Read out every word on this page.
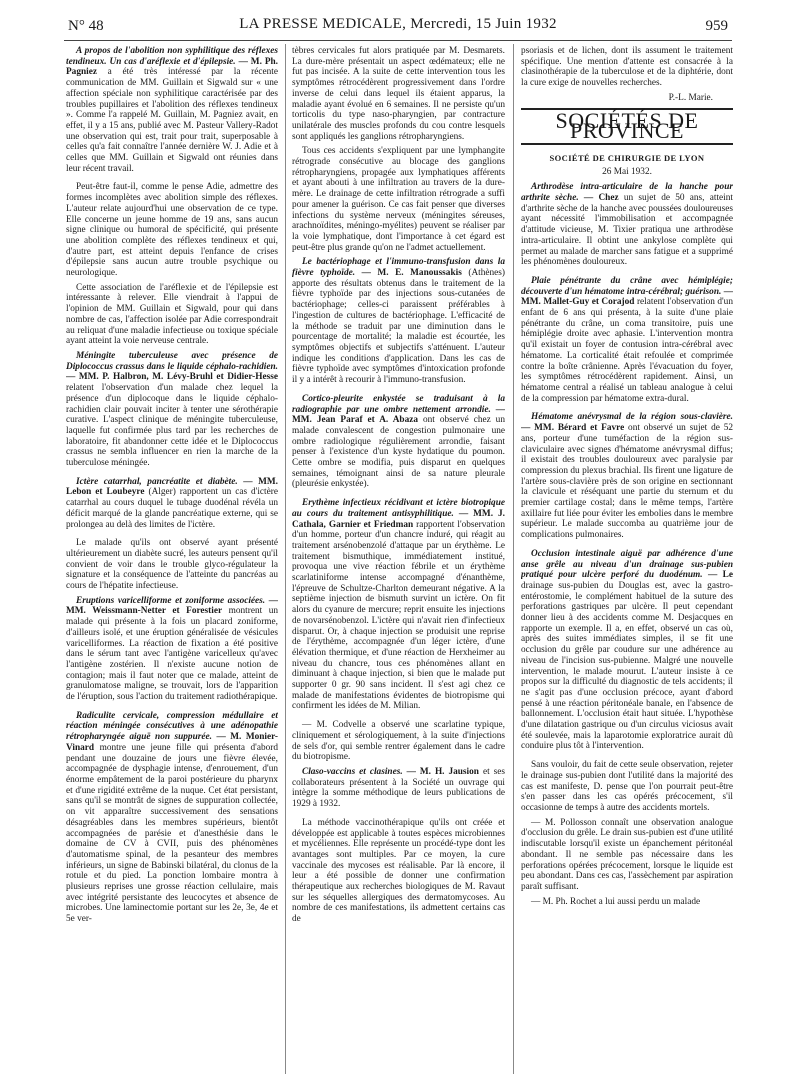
N° 48	LA PRESSE MEDICALE, Mercredi, 15 Juin 1932	959

A propos de l'abolition non syphilitique des réflexes tendineux. Un cas d'aréflexie et d'épilepsie. — M. Ph. Pagniez a été très intéressé par la récente communication de MM. Guillain et Sigwald sur « une affection spéciale non syphilitique caractérisée par des troubles pupillaires et l'abolition des réflexes tendineux ». Comme l'a rappelé M. Guillain, M. Pagniez avait, en effet, il y a 15 ans, publié avec M. Pasteur Vallery-Radot une observation qui est, trait pour trait, superposable à celles qu'a fait connaître l'année dernière W. J. Adie et à celles que MM. Guillain et Sigwald ont réunies dans leur récent travail.

Peut-être faut-il, comme le pense Adie, admettre des formes incomplètes avec abolition simple des réflexes. L'auteur relate aujourd'hui une observation de ce type. Elle concerne un jeune homme de 19 ans, sans aucun signe clinique ou humoral de spécificité, qui présente une abolition complète des réflexes tendineux et qui, d'autre part, est atteint depuis l'enfance de crises d'épilepsie sans aucun autre trouble psychique ou neurologique.

Cette association de l'aréflexie et de l'épilepsie est intéressante à relever. Elle viendrait à l'appui de l'opinion de MM. Guillain et Sigwald, pour qui dans nombre de cas, l'affection isolée par Adie correspondrait au reliquat d'une maladie infectieuse ou toxique spéciale ayant atteint la voie nerveuse centrale.

Méningite tuberculeuse avec présence de Diplococcus crassus dans le liquide céphalo-rachidien. — MM. P. Halbron, M. Lévy-Bruhl et Didier-Hesse relatent l'observation d'un malade chez lequel la présence d'un diplocoque dans le liquide céphalo-rachidien clair pouvait inciter à tenter une sérothérapie curative. L'aspect clinique de méningite tuberculeuse, laquelle fut confirmée plus tard par les recherches de laboratoire, fit abandonner cette idée et le Diplococcus crassus ne sembla influencer en rien la marche de la tuberculose méningée.

Ictère catarrhal, pancréatite et diabète. — MM. Lebon et Loubeyre (Alger) rapportent un cas d'ictère catarrhal au cours duquel le tubage duodénal révéla un déficit marqué de la glande pancréatique externe, qui se prolongea au delà des limites de l'ictère.

Le malade qu'ils ont observé ayant présenté ultérieurement un diabète sucré, les auteurs pensent qu'il convient de voir dans le trouble glyco-régulateur la signature et la conséquence de l'atteinte du pancréas au cours de l'hépatite infectieuse.

Eruptions varicelliforme et zoniforme associées. — MM. Weissmann-Netter et Forestier montrent un malade qui présente à la fois un placard zoniforme, d'ailleurs isolé, et une éruption généralisée de vésicules varicelliformes. La réaction de fixation a été positive dans le sérum tant avec l'antigène varicelleux qu'avec l'antigène zostérien. Il n'existe aucune notion de contagion; mais il faut noter que ce malade, atteint de granulomatose maligne, se trouvait, lors de l'apparition de l'éruption, sous l'action du traitement radiothérapique.

Radiculite cervicale, compression médullaire et réaction méningée consécutives à une adénopathie rétropharyngée aiguë non suppurée. — M. Monier-Vinard montre une jeune fille qui présenta d'abord pendant une douzaine de jours une fièvre élevée, accompagnée de dysphagie intense, d'enrouement, d'un énorme empâtement de la paroi postérieure du pharynx et d'une rigidité extrême de la nuque. Cet état persistant, sans qu'il se montrât de signes de suppuration collectée, on vit apparaître successivement des sensations désagréables dans les membres supérieurs, bientôt accompagnées de parésie et d'anesthésie dans le domaine de CV à CVII, puis des phénomènes d'automatisme spinal, de la pesanteur des membres inférieurs, un signe de Babinski bilatéral, du clonus de la rotule et du pied. La ponction lombaire montra à plusieurs reprises une grosse réaction cellulaire, mais avec intégrité persistante des leucocytes et absence de microbes. Une laminectomie portant sur les 2e, 3e, 4e et 5e ver-

tèbres cervicales fut alors pratiquée par M. Desmarets. La dure-mère présentait un aspect œdémateux; elle ne fut pas incisée. A la suite de cette intervention tous les symptômes rétrocédèrent progressivement dans l'ordre inverse de celui dans lequel ils étaient apparus, la maladie ayant évolué en 6 semaines. Il ne persiste qu'un torticolis du type naso-pharyngien, par contracture unilatérale des muscles profonds du cou contre lesquels sont appliqués les ganglions rétropharyngiens.

Tous ces accidents s'expliquent par une lymphangite rétrograde consécutive au blocage des ganglions rétropharyngiens, propagée aux lymphatiques afférents et ayant abouti à une infiltration au travers de la dure-mère. Le drainage de cette infiltration rétrograde a suffi pour amener la guérison. Ce cas fait penser que diverses infections du système nerveux (méningites séreuses, arachnoïdites, méningo-myélites) peuvent se réaliser par la voie lymphatique, dont l'importance à cet égard est peut-être plus grande qu'on ne l'admet actuellement.

Le bactériophage et l'immuno-transfusion dans la fièvre typhoïde. — M. E. Manoussakis (Athènes) apporte des résultats obtenus dans le traitement de la fièvre typhoïde par des injections sous-cutanées de bactériophage; celles-ci paraissent préférables à l'ingestion de cultures de bactériophage. L'efficacité de la méthode se traduit par une diminution dans le pourcentage de mortalité; la maladie est écourtée, les symptômes objectifs et subjectifs s'atténuent. L'auteur indique les conditions d'application. Dans les cas de fièvre typhoïde avec symptômes d'intoxication profonde il y a intérêt à recourir à l'immuno-transfusion.

Cortico-pleurite enkystée se traduisant à la radiographie par une ombre nettement arrondie. — MM. Jean Paraf et A. Abaza ont observé chez un malade convalescent de congestion pulmonaire une ombre radiologique régulièrement arrondie, faisant penser à l'existence d'un kyste hydatique du poumon. Cette ombre se modifia, puis disparut en quelques semaines, témoignant ainsi de sa nature pleurale (pleurésie enkystée).

Erythème infectieux récidivant et ictère biotropique au cours du traitement antisyphilitique. — MM. J. Cathala, Garnier et Friedman rapportent l'observation d'un homme, porteur d'un chancre induré, qui réagit au traitement arsénobenzolé d'attaque par un érythème. Le traitement bismuthique, immédiatement institué, provoqua une vive réaction fébrile et un érythème scarlatiniforme intense accompagné d'énanthème, l'épreuve de Schultze-Charlton demeurant négative. A la septième injection de bismuth survint un ictère. On fit alors du cyanure de mercure; reprit ensuite les injections de novarsénobenzol. L'ictère qui n'avait rien d'infectieux disparut. Or, à chaque injection se produisit une reprise de l'érythème, accompagnée d'un léger ictère, d'une élévation thermique, et d'une réaction de Herxheimer au niveau du chancre, tous ces phénomènes allant en diminuant à chaque injection, si bien que le malade put supporter 0 gr. 90 sans incident. Il s'est agi chez ce malade de manifestations évidentes de biotropisme qui confirment les idées de M. Milian.

— M. Codvelle a observé une scarlatine typique, cliniquement et sérologiquement, à la suite d'injections de sels d'or, qui semble rentrer également dans le cadre du biotropisme.

Claso-vaccins et clasines. — M. H. Jausion et ses collaborateurs présentent à la Société un ouvrage qui intègre la somme méthodique de leurs publications de 1929 à 1932.

La méthode vaccinothérapique qu'ils ont créée et développée est applicable à toutes espèces microbiennes et mycéliennes. Elle représente un procédé-type dont les avantages sont multiples. Par ce moyen, la cure vaccinale des mycoses est réalisable. Par là encore, il leur a été possible de donner une confirmation thérapeutique aux recherches biologiques de M. Ravaut sur les séquelles allergiques des dermatomycoses. Au nombre de ces manifestations, ils admettent certains cas de

psoriasis et de lichen, dont ils assument le traitement spécifique. Une mention d'attente est consacrée à la clasinothérapie de la tuberculose et de la diphtérie, dont la cure exige de nouvelles recherches.

P.-L. Marie.

SOCIÉTÉS DE PROVINCE
SOCIÉTÉ DE CHIRURGIE DE LYON
26 Mai 1932.

Arthrodèse intra-articulaire de la hanche pour arthrite sèche. — Chez un sujet de 50 ans, atteint d'arthrite sèche de la hanche avec poussées douloureuses ayant nécessité l'immobilisation et accompagnée d'attitude vicieuse, M. Tixier pratiqua une arthrodèse intra-articulaire. Il obtint une ankylose complète qui permet au malade de marcher sans fatigue et a supprimé les phénomènes douloureux.

Plaie pénétrante du crâne avec hémiplégie; découverte d'un hématome intra-cérébral; guérison. — MM. Mallet-Guy et Corajod relatent l'observation d'un enfant de 6 ans qui présenta, à la suite d'une plaie pénétrante du crâne, un coma transitoire, puis une hémiplégie droite avec aphasie. L'intervention montra qu'il existait un foyer de contusion intra-cérébral avec hématome. La corticalité était refoulée et comprimée contre la boîte crânienne. Après l'évacuation du foyer, les symptômes rétrocédèrent rapidement. Ainsi, un hématome central a réalisé un tableau analogue à celui de la compression par hématome extra-dural.

Hématome anévrysmal de la région sous-clavière. — MM. Bérard et Favre ont observé un sujet de 52 ans, porteur d'une tuméfaction de la région sus-claviculaire avec signes d'hématome anévrysmal diffus; il existait des troubles douloureux avec paralysie par compression du plexus brachial. Ils firent une ligature de l'artère sous-clavière près de son origine en sectionnant la clavicule et réséquant une partie du sternum et du premier cartilage costal; dans le même temps, l'artère axillaire fut liée pour éviter les embolies dans le membre supérieur. Le malade succomba au quatrième jour de complications pulmonaires.

Occlusion intestinale aiguë par adhérence d'une anse grêle au niveau d'un drainage sus-pubien pratiqué pour ulcère perforé du duodénum. — Le drainage sus-pubien du Douglas est, avec la gastro-entérostomie, le complément habituel de la suture des perforations gastriques par ulcère. Il peut cependant donner lieu à des accidents comme M. Desjacques en rapporte un exemple. Il a, en effet, observé un cas où, après des suites immédiates simples, il se fit une occlusion du grêle par coudure sur une adhérence au niveau de l'incision sus-pubienne. Malgré une nouvelle intervention, le malade mourut. L'auteur insiste à ce propos sur la difficulté du diagnostic de tels accidents; il ne s'agit pas d'une occlusion précoce, ayant d'abord pensé à une réaction péritonéale banale, en l'absence de ballonnement. L'occlusion était haut située. L'hypothèse d'une dilatation gastrique ou d'un circulus viciosus avait été soulevée, mais la laparotomie exploratrice aurait dû conduire plus tôt à l'intervention.

Sans vouloir, du fait de cette seule observation, rejeter le drainage sus-pubien dont l'utilité dans la majorité des cas est manifeste, D. pense que l'on pourrait peut-être s'en passer dans les cas opérés précocement, s'il occasionne de temps à autre des accidents mortels.

— M. Pollosson connaît une observation analogue d'occlusion du grêle. Le drain sus-pubien est d'une utilité indiscutable lorsqu'il existe un épanchement péritonéal abondant. Il ne semble pas nécessaire dans les perforations opérées précocement, lorsque le liquide est peu abondant. Dans ces cas, l'assèchement par aspiration paraît suffisant.

— M. Ph. Rochet a lui aussi perdu un malade
